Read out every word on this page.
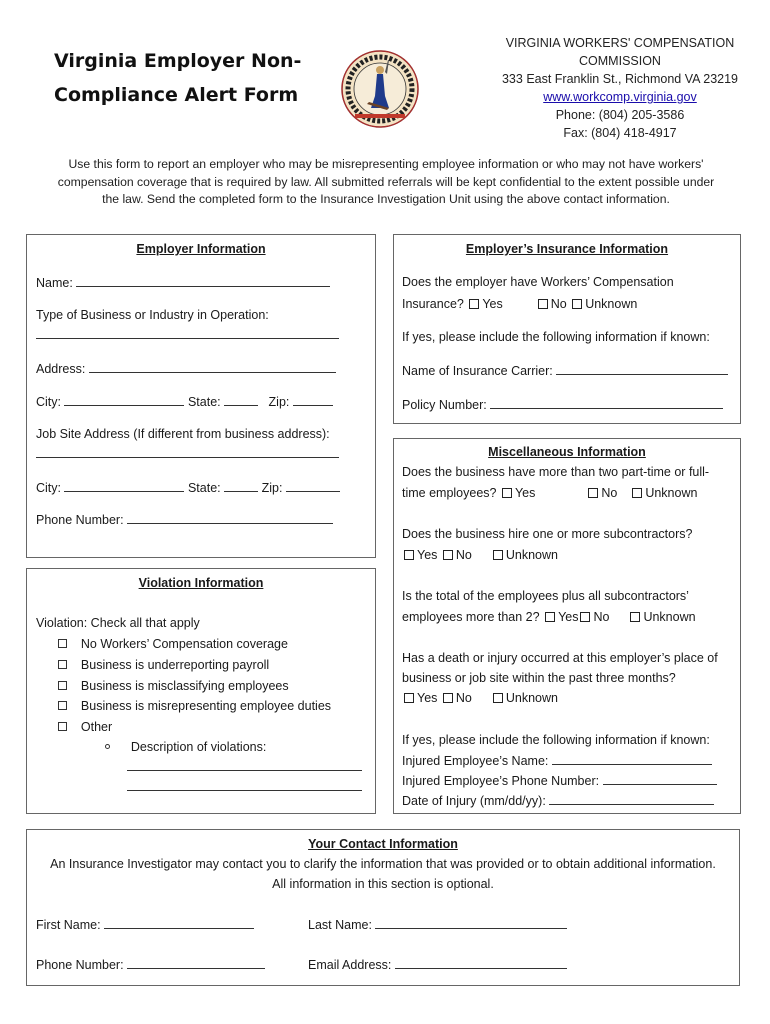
Virginia Employer Non-
Compliance Alert Form
VIRGINIA WORKERS' COMPENSATION
COMMISSION
333 East Franklin St., Richmond VA 23219
www.workcomp.virginia.gov
Phone: (804) 205-3586
Fax: (804) 418-4917
Use this form to report an employer who may be misrepresenting employee information or who may not have workers'
compensation coverage that is required by law. All submitted referrals will be kept confidential to the extent possible under
the law. Send the completed form to the Insurance Investigation Unit using the above contact information.
Employer Information
Name:
Type of Business or Industry in Operation:
Address:
City:	State:	Zip:
Job Site Address (If different from business address):
City:	State:	Zip:
Phone Number:
Employer’s Insurance Information
Does the employer have Workers’ Compensation
Insurance? Yes	No Unknown
If yes, please include the following information if known:
Name of Insurance Carrier:
Policy Number:
Violation Information
Violation: Check all that apply
No Workers’ Compensation coverage
Business is underreporting payroll
Business is misclassifying employees
Business is misrepresenting employee duties
Other
Description of violations:
Miscellaneous Information
Does the business have more than two part-time or full-
time employees? Yes	No Unknown
Does the business hire one or more subcontractors?
Yes No	Unknown
Is the total of the employees plus all subcontractors’
employees more than 2? Yes No	Unknown
Has a death or injury occurred at this employer’s place of
business or job site within the past three months?
Yes No	Unknown
If yes, please include the following information if known:
Injured Employee’s Name:
Injured Employee’s Phone Number:
Date of Injury (mm/dd/yy):
Your Contact Information
An Insurance Investigator may contact you to clarify the information that was provided or to obtain additional information.
All information in this section is optional.
First Name:	Last Name:
Phone Number:	Email Address:
